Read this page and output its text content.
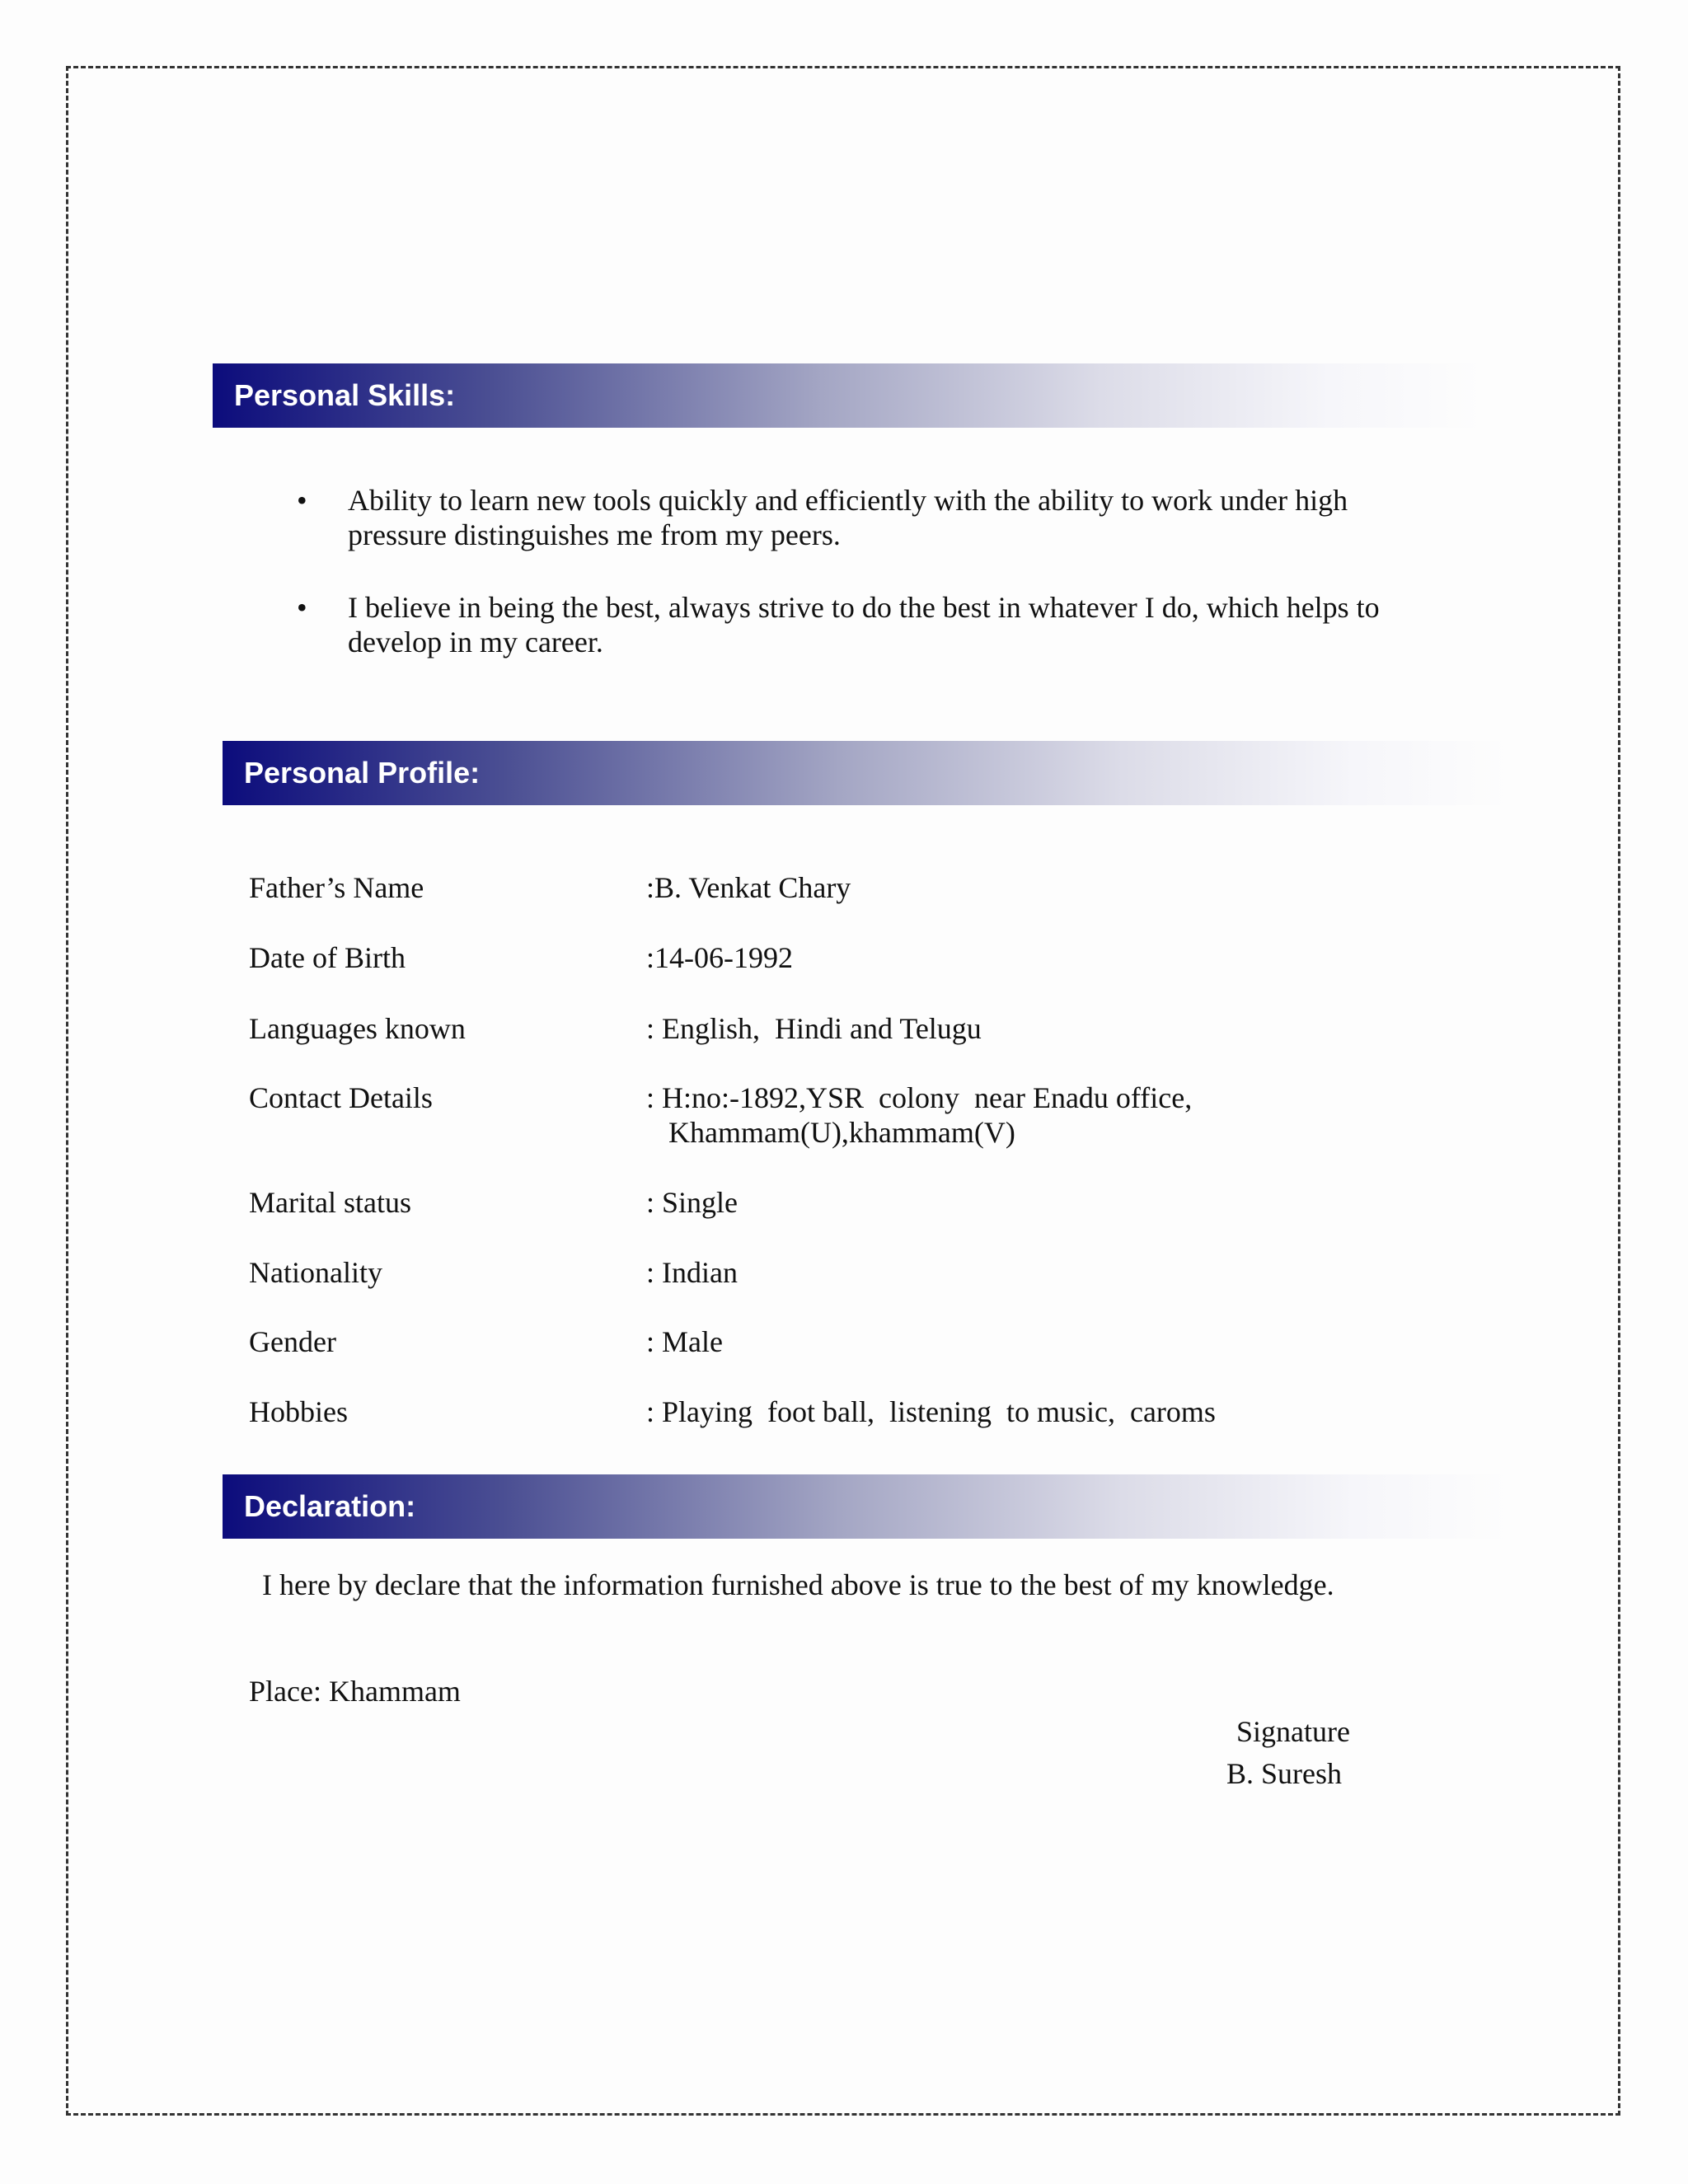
Personal Skills:
• Ability to learn new tools quickly and efficiently with the ability to work under high pressure distinguishes me from my peers.
• I believe in being the best, always strive to do the best in whatever I do, which helps to develop in my career.
Personal Profile:
Father’s Name	:B. Venkat Chary
Date of Birth	:14-06-1992
Languages known	: English,  Hindi and Telugu
Contact Details	: H:no:-1892,YSR  colony  near Enadu office,
Khammam(U),khammam(V)
Marital status	: Single
Nationality	: Indian
Gender	: Male
Hobbies	: Playing  foot ball,  listening  to music,  caroms
Declaration:
I here by declare that the information furnished above is true to the best of my knowledge.
Place: Khammam
Signature
B. Suresh
